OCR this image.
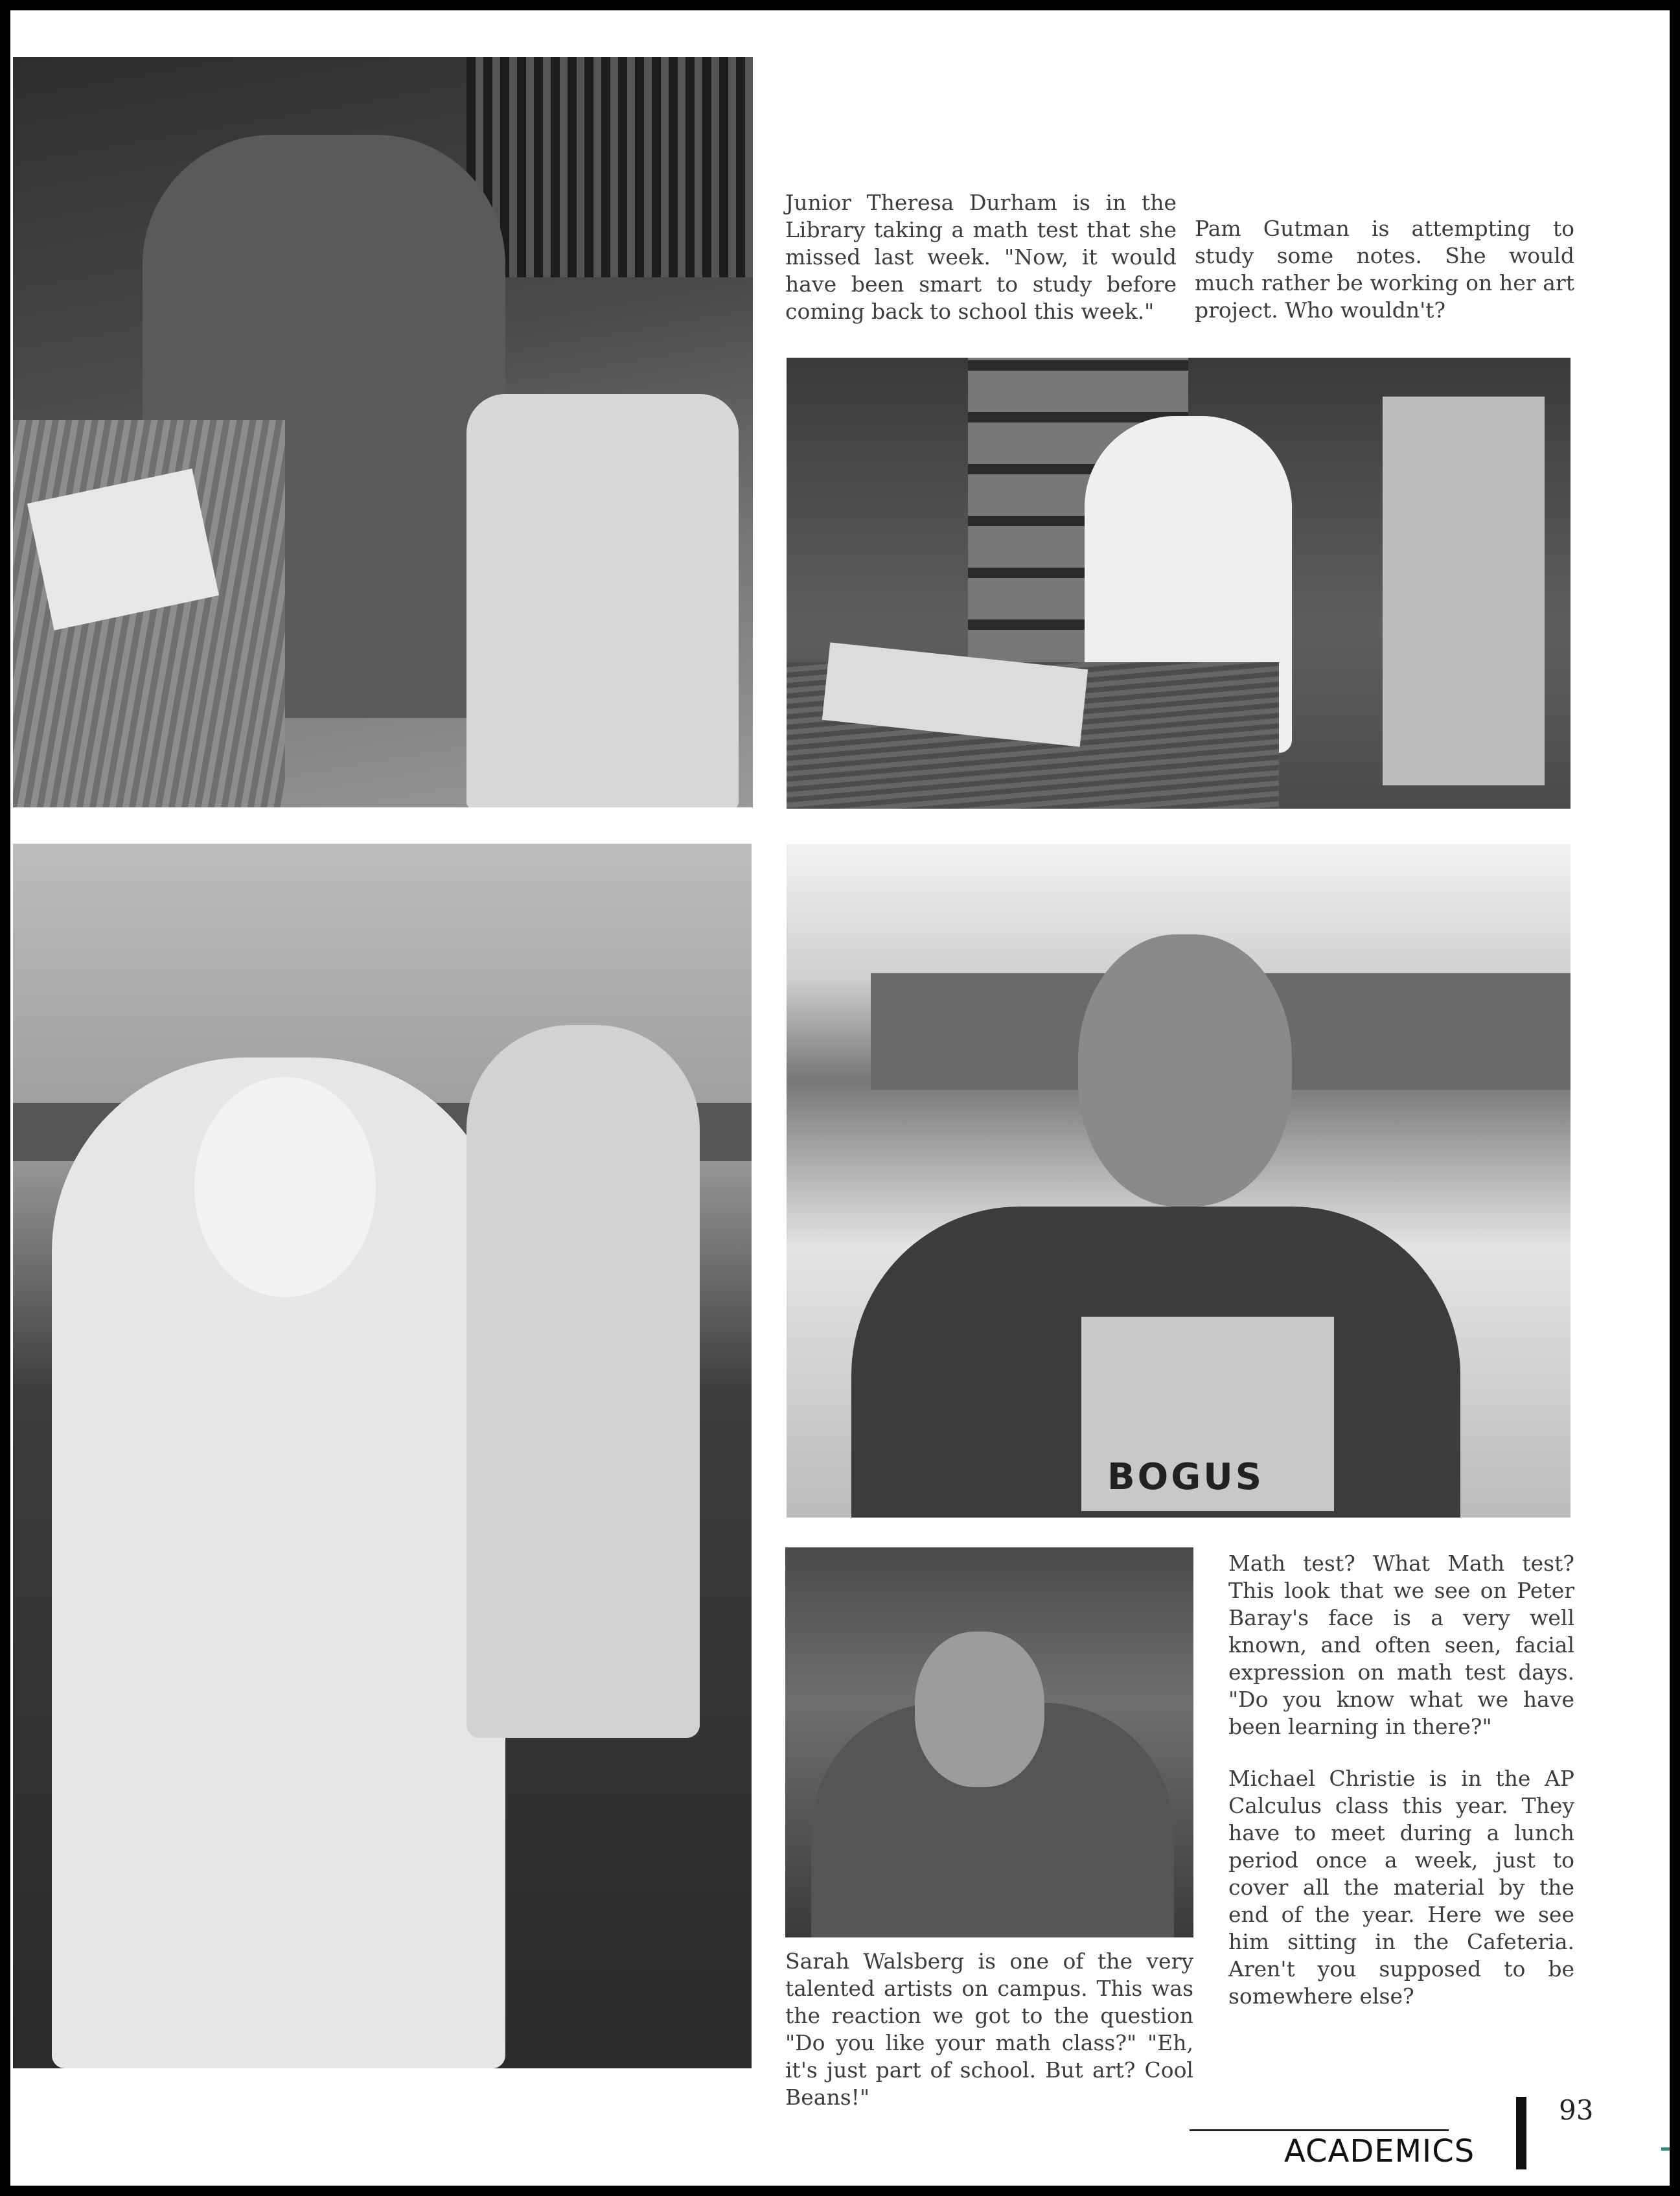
Junior Theresa Durham is in the Library taking a math test that she missed last week. "Now, it would have been smart to study before coming back to school this week."

Pam Gutman is attempting to study some notes. She would much rather be working on her art project. Who wouldn't?

BOGUS

Math test? What Math test? This look that we see on Peter Baray's face is a very well known, and often seen, facial expression on math test days. "Do you know what we have been learning in there?"

Michael Christie is in the AP Calculus class this year. They have to meet during a lunch period once a week, just to cover all the material by the end of the year. Here we see him sitting in the Cafeteria. Aren't you supposed to be somewhere else?

Sarah Walsberg is one of the very talented artists on campus. This was the reaction we got to the question "Do you like your math class?" "Eh, it's just part of school. But art? Cool Beans!"

ACADEMICS
93
